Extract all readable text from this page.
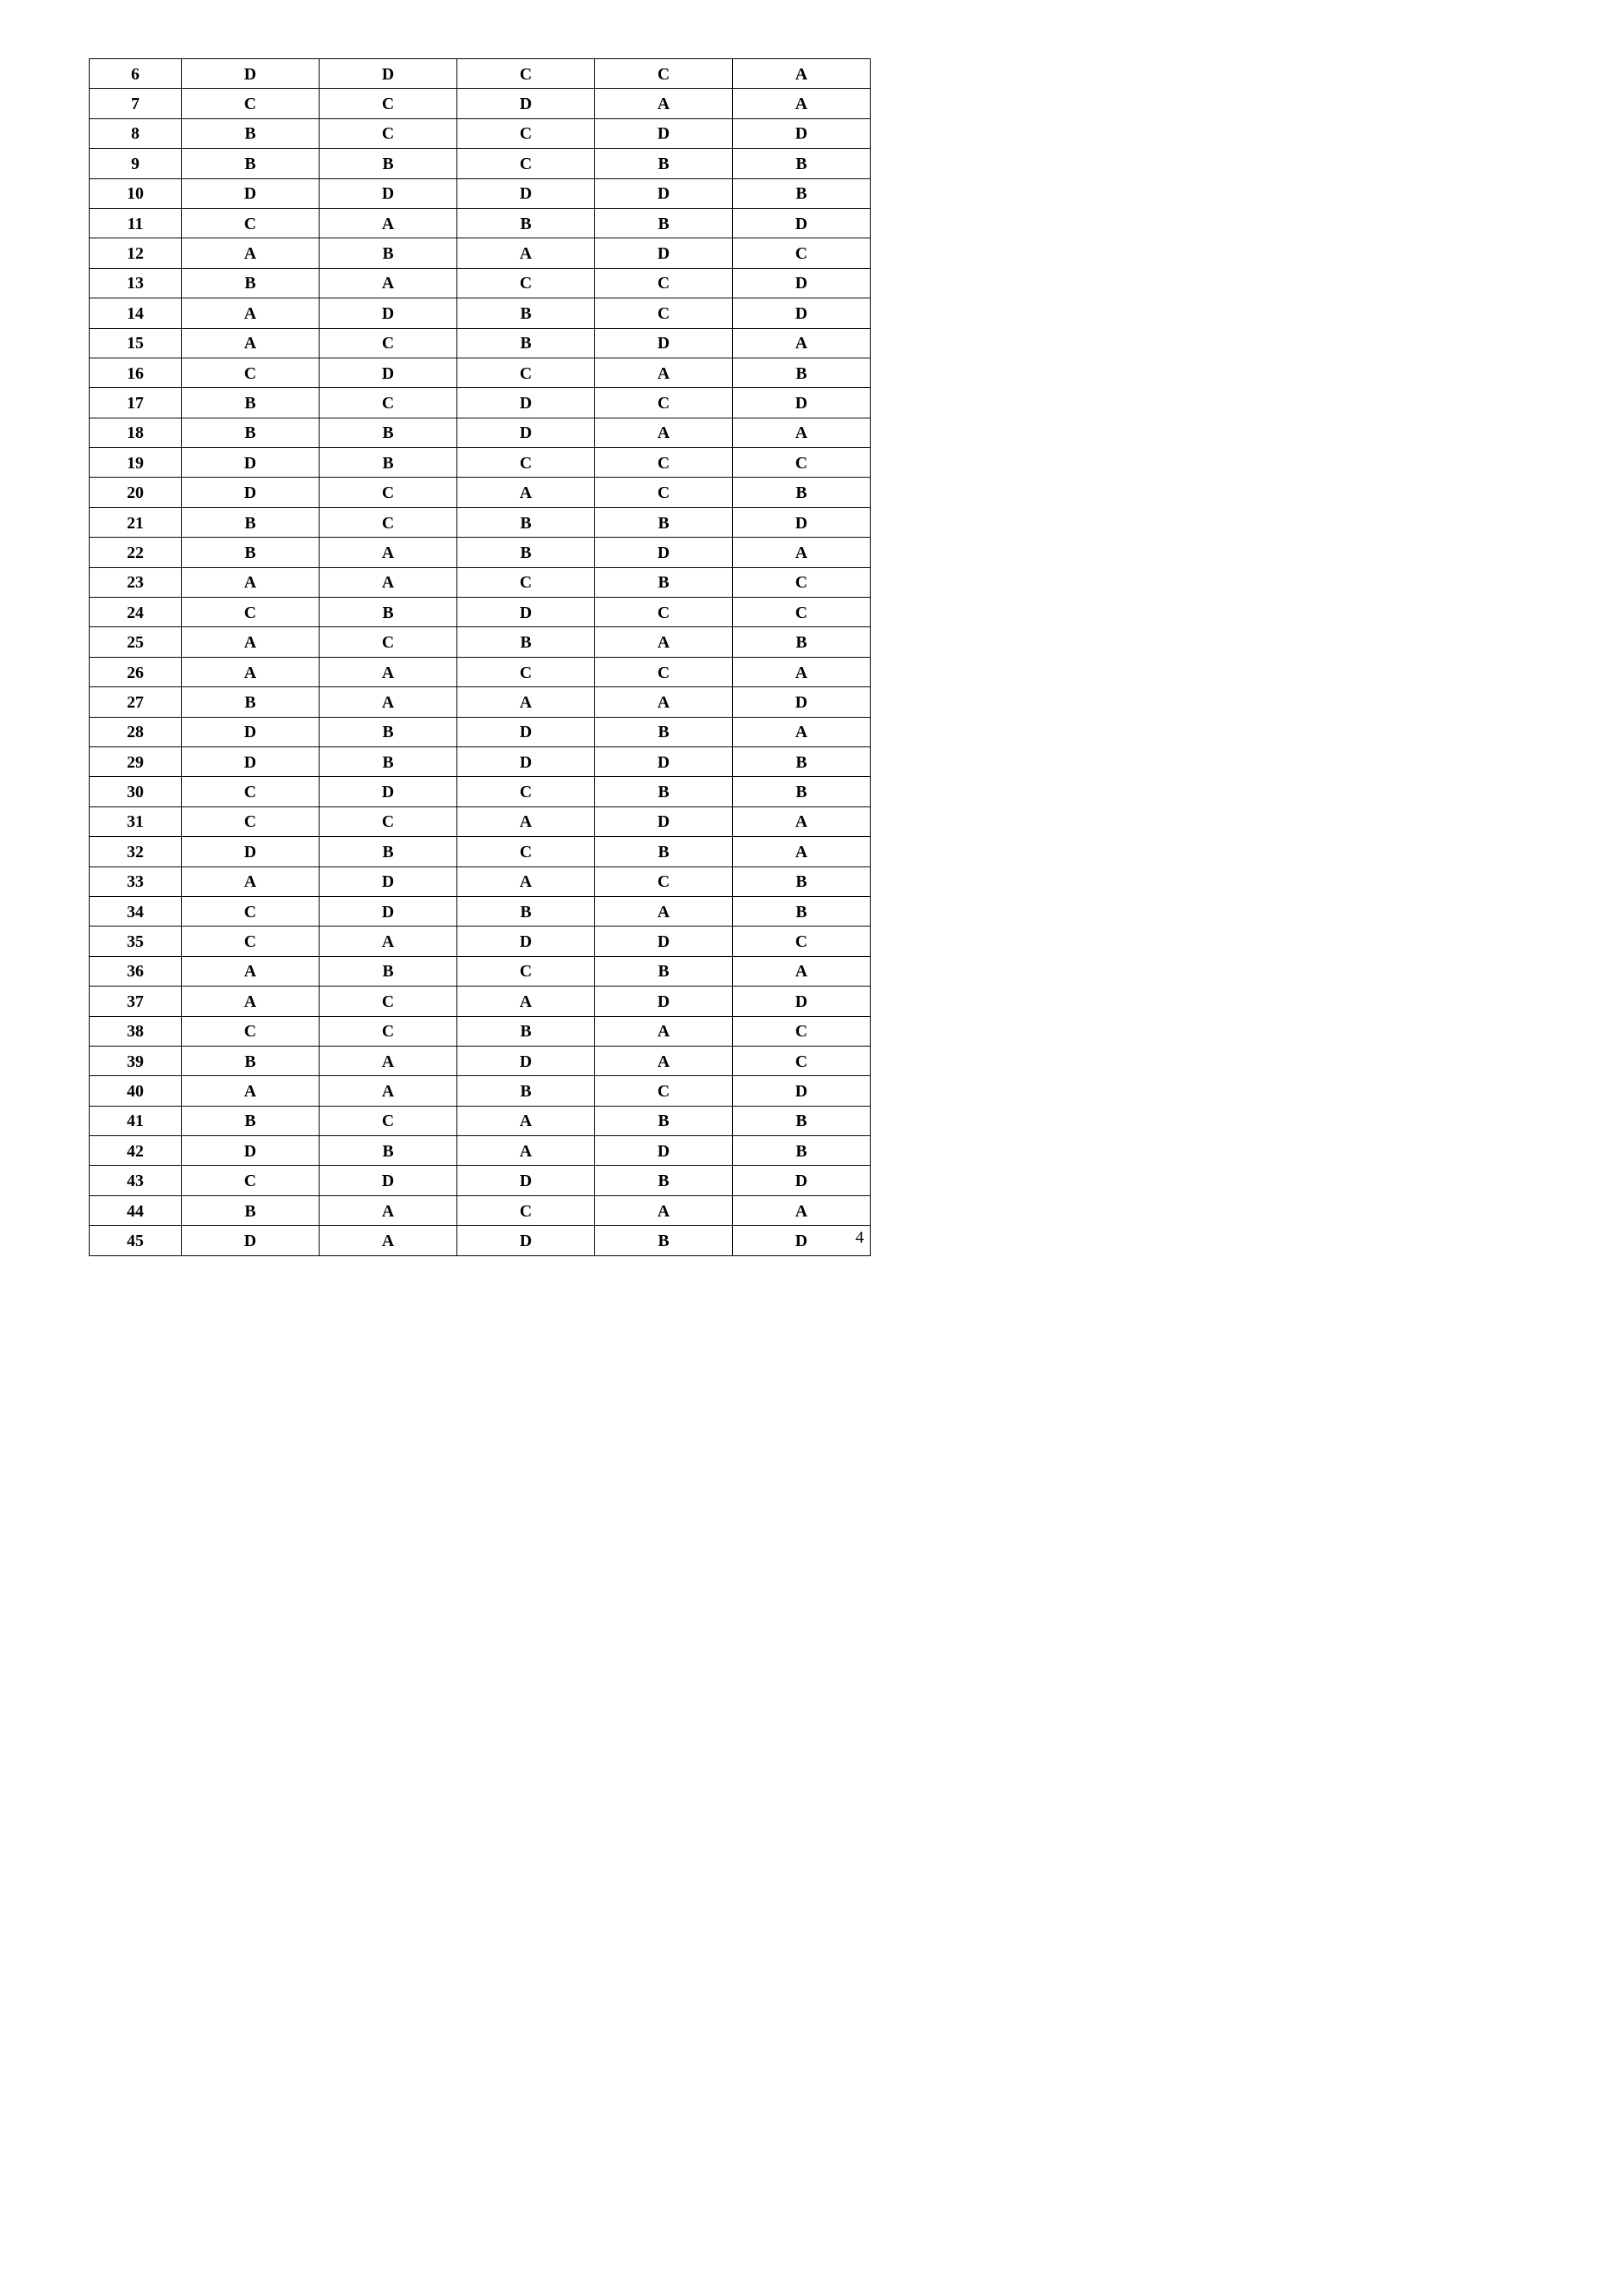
6	D	D	C	C	A
7	C	C	D	A	A
8	B	C	C	D	D
9	B	B	C	B	B
10	D	D	D	D	B
11	C	A	B	B	D
12	A	B	A	D	C
13	B	A	C	C	D
14	A	D	B	C	D
15	A	C	B	D	A
16	C	D	C	A	B
17	B	C	D	C	D
18	B	B	D	A	A
19	D	B	C	C	C
20	D	C	A	C	B
21	B	C	B	B	D
22	B	A	B	D	A
23	A	A	C	B	C
24	C	B	D	C	C
25	A	C	B	A	B
26	A	A	C	C	A
27	B	A	A	A	D
28	D	B	D	B	A
29	D	B	D	D	B
30	C	D	C	B	B
31	C	C	A	D	A
32	D	B	C	B	A
33	A	D	A	C	B
34	C	D	B	A	B
35	C	A	D	D	C
36	A	B	C	B	A
37	A	C	A	D	D
38	C	C	B	A	C
39	B	A	D	A	C
40	A	A	B	C	D
41	B	C	A	B	B
42	D	B	A	D	B
43	C	D	D	B	D
44	B	A	C	A	A
45	D	A	D	B	D	4
